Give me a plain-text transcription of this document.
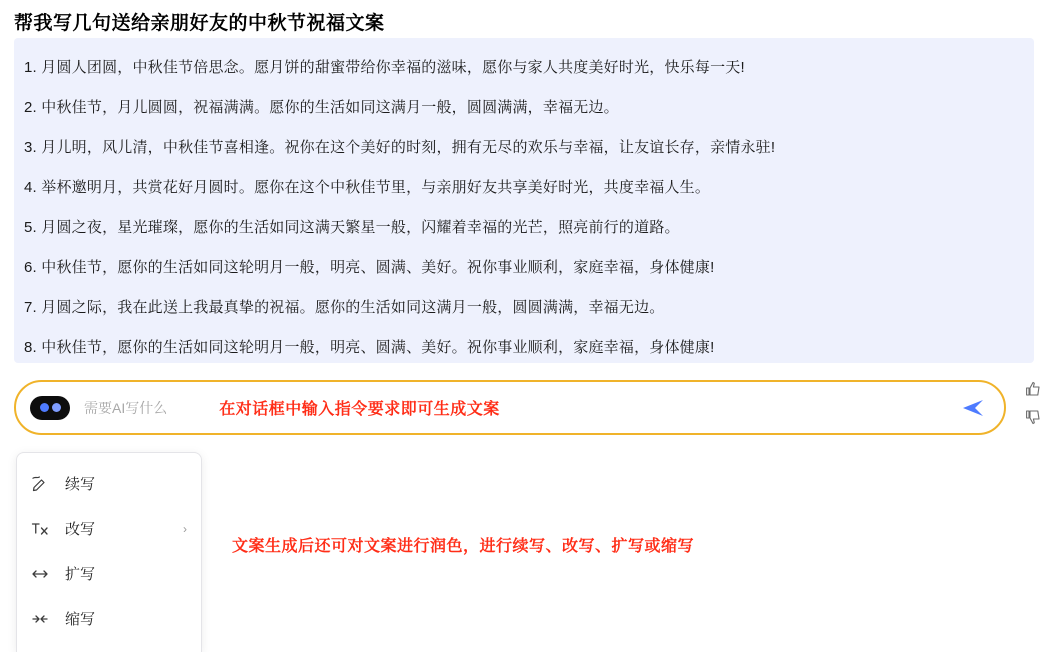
帮我写几句送给亲朋好友的中秋节祝福文案
1. 月圆人团圆，中秋佳节倍思念。愿月饼的甜蜜带给你幸福的滋味，愿你与家人共度美好时光，快乐每一天!
2. 中秋佳节，月儿圆圆，祝福满满。愿你的生活如同这满月一般，圆圆满满，幸福无边。
3. 月儿明，风儿清，中秋佳节喜相逢。祝你在这个美好的时刻，拥有无尽的欢乐与幸福，让友谊长存，亲情永驻!
4. 举杯邀明月，共赏花好月圆时。愿你在这个中秋佳节里，与亲朋好友共享美好时光，共度幸福人生。
5. 月圆之夜，星光璀璨，愿你的生活如同这满天繁星一般，闪耀着幸福的光芒，照亮前行的道路。
6. 中秋佳节，愿你的生活如同这轮明月一般，明亮、圆满、美好。祝你事业顺利，家庭幸福，身体健康!
7. 月圆之际，我在此送上我最真挚的祝福。愿你的生活如同这满月一般，圆圆满满，幸福无边。
8. 中秋佳节，愿你的生活如同这轮明月一般，明亮、圆满、美好。祝你事业顺利，家庭幸福，身体健康!
需要AI写什么	在对话框中输入指令要求即可生成文案
续写
改写	›
扩写
缩写
文案生成后还可对文案进行润色，进行续写、改写、扩写或缩写
